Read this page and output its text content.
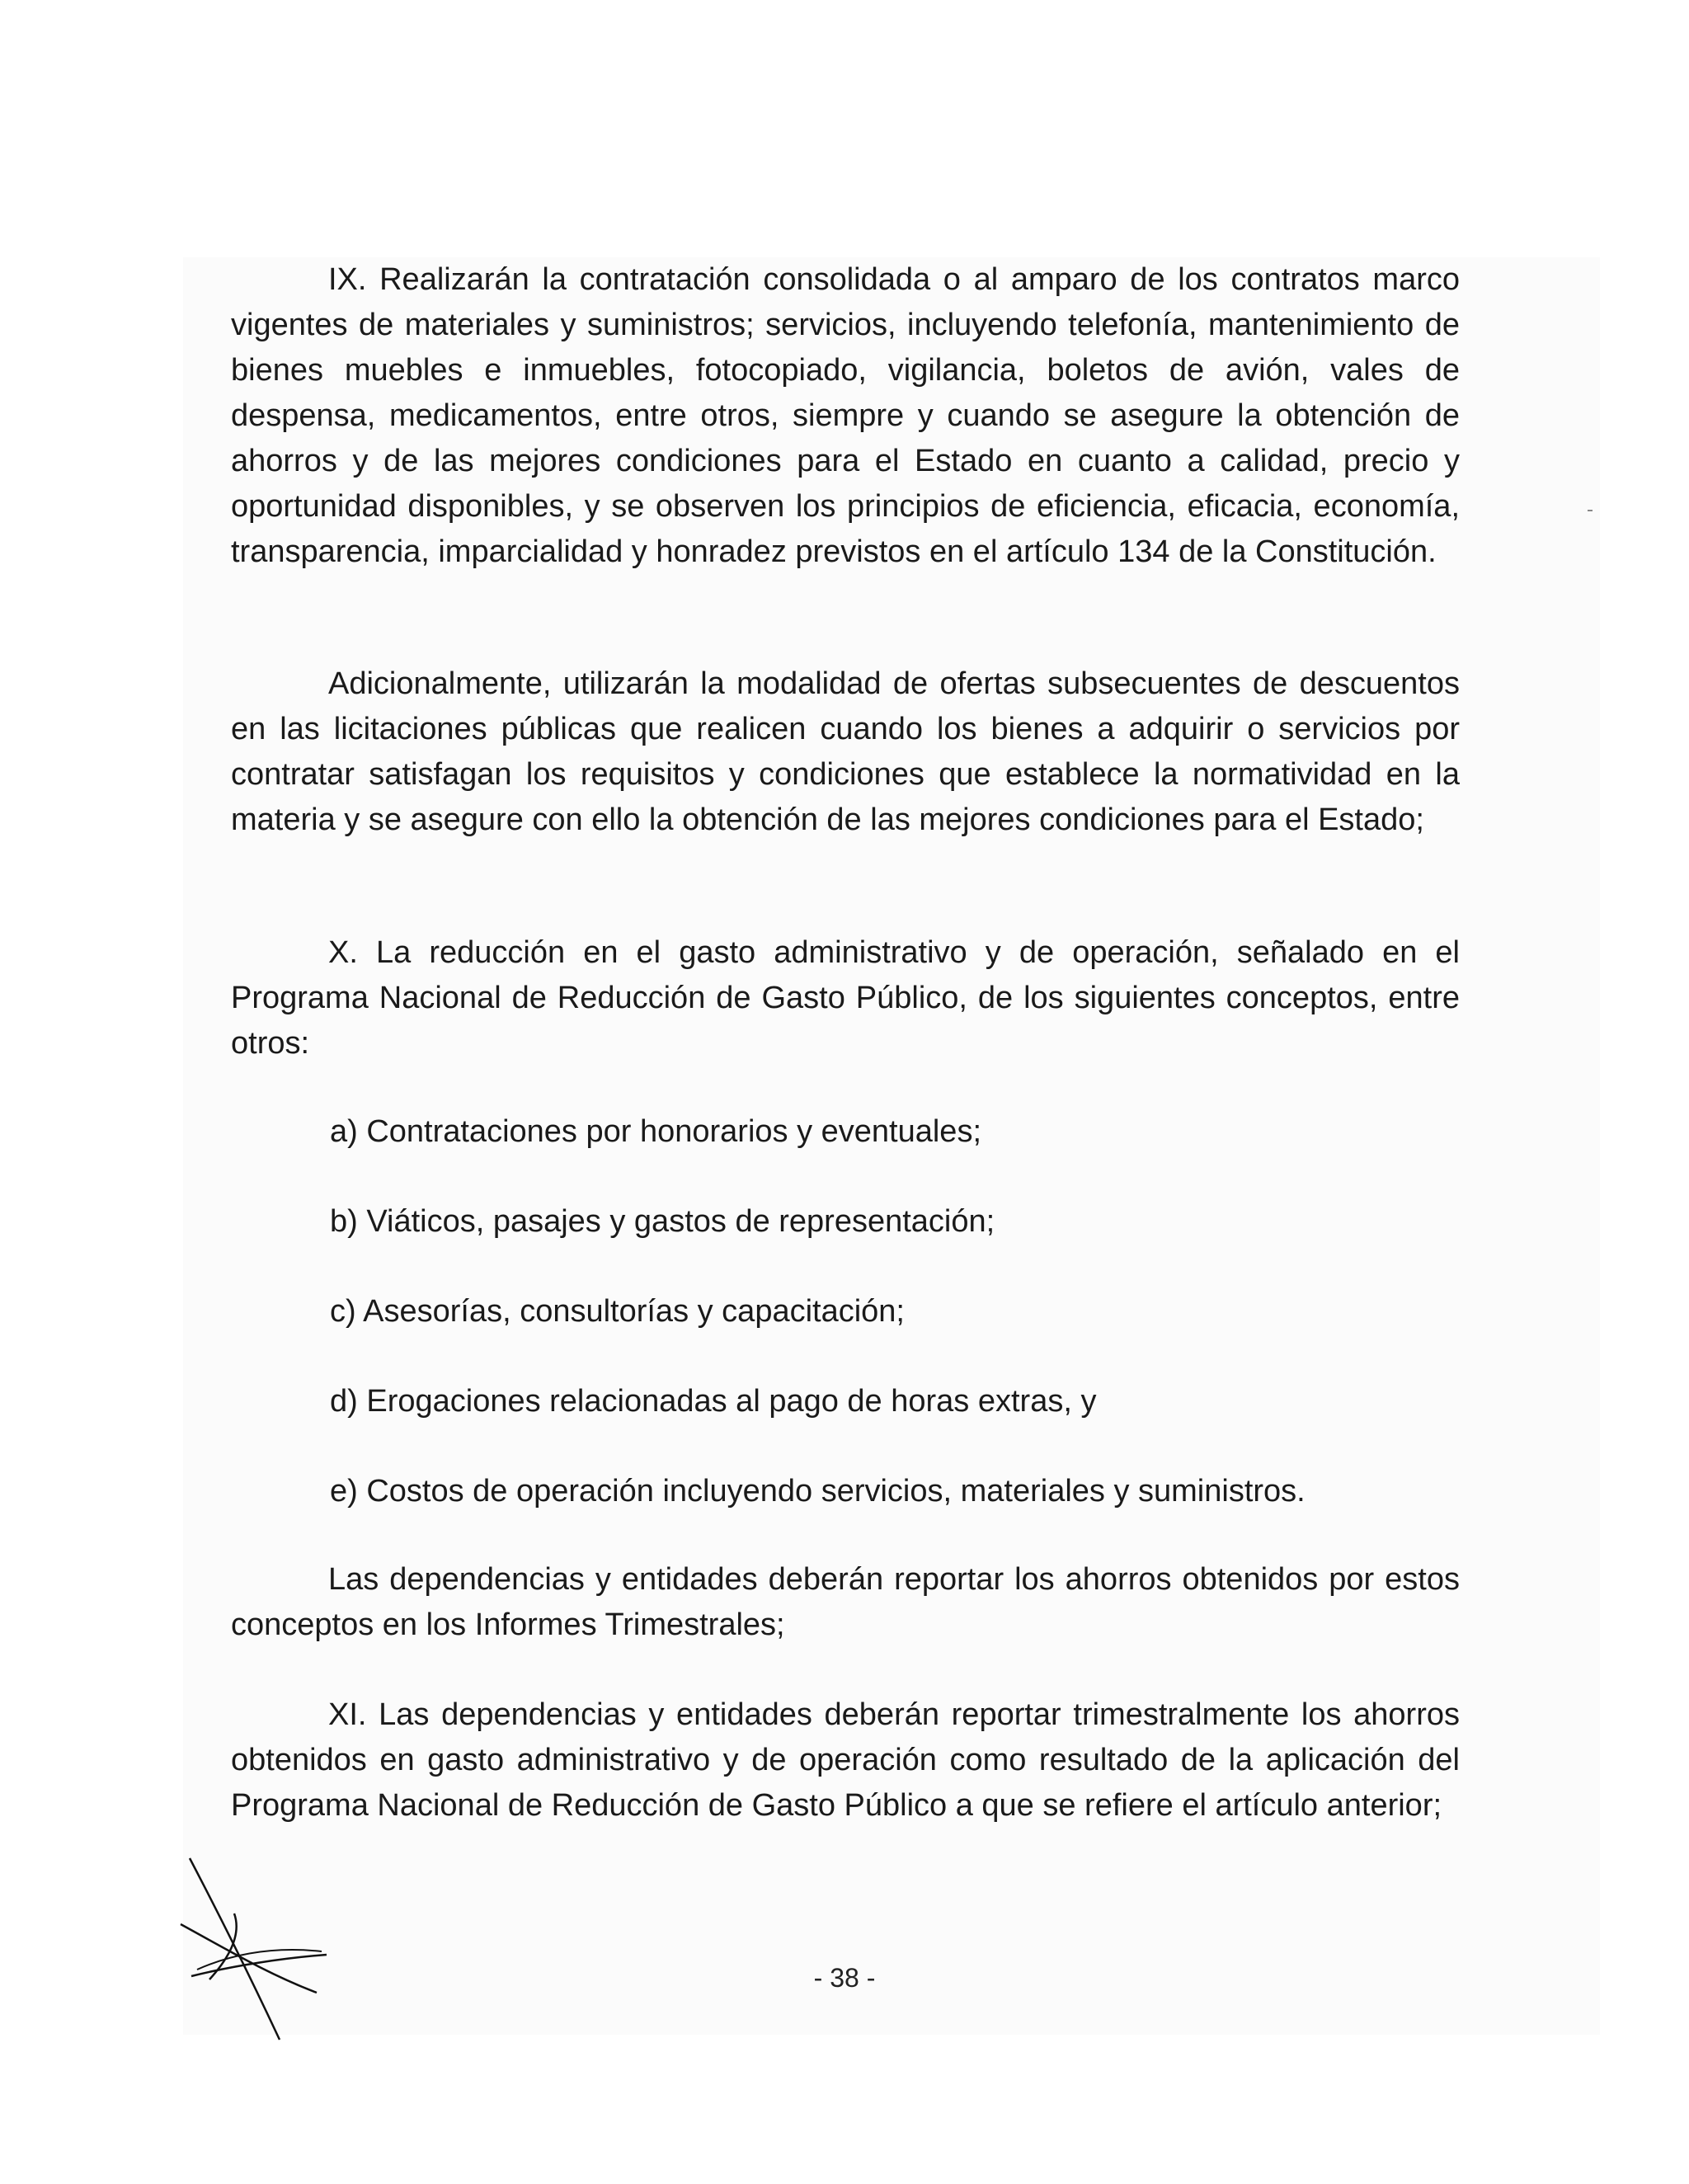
IX. Realizarán la contratación consolidada o al amparo de los contratos marco vigentes de materiales y suministros; servicios, incluyendo telefonía, mantenimiento de bienes muebles e inmuebles, fotocopiado, vigilancia, boletos de avión, vales de despensa, medicamentos, entre otros, siempre y cuando se asegure la obtención de ahorros y de las mejores condiciones para el Estado en cuanto a calidad, precio y oportunidad disponibles, y se observen los principios de eficiencia, eficacia, economía, transparencia, imparcialidad y honradez previstos en el artículo 134 de la Constitución.

Adicionalmente, utilizarán la modalidad de ofertas subsecuentes de descuentos en las licitaciones públicas que realicen cuando los bienes a adquirir o servicios por contratar satisfagan los requisitos y condiciones que establece la normatividad en la materia y se asegure con ello la obtención de las mejores condiciones para el Estado;

X. La reducción en el gasto administrativo y de operación, señalado en el Programa Nacional de Reducción de Gasto Público, de los siguientes conceptos, entre otros:

a) Contrataciones por honorarios y eventuales;

b) Viáticos, pasajes y gastos de representación;

c) Asesorías, consultorías y capacitación;

d) Erogaciones relacionadas al pago de horas extras, y

e) Costos de operación incluyendo servicios, materiales y suministros.

Las dependencias y entidades deberán reportar los ahorros obtenidos por estos conceptos en los Informes Trimestrales;

XI. Las dependencias y entidades deberán reportar trimestralmente los ahorros obtenidos en gasto administrativo y de operación como resultado de la aplicación del Programa Nacional de Reducción de Gasto Público a que se refiere el artículo anterior;

- 38 -
